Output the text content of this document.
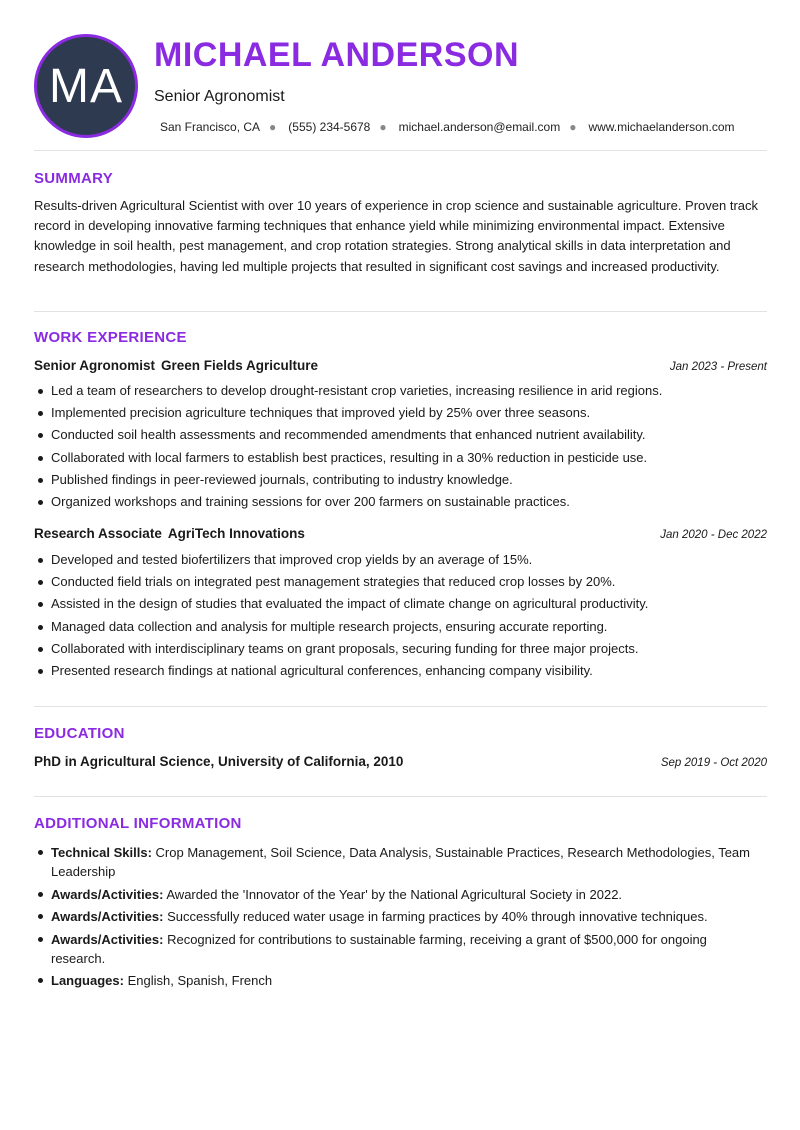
MA
MICHAEL ANDERSON
Senior Agronomist
San Francisco, CA ● (555) 234-5678 ● michael.anderson@email.com ● www.michaelanderson.com
SUMMARY

Results-driven Agricultural Scientist with over 10 years of experience in crop science and sustainable agriculture. Proven track record in developing innovative farming techniques that enhance yield while minimizing environmental impact. Extensive knowledge in soil health, pest management, and crop rotation strategies. Strong analytical skills in data interpretation and research methodologies, having led multiple projects that resulted in significant cost savings and increased productivity.

WORK EXPERIENCE
Senior Agronomist Green Fields Agriculture	Jan 2023 - Present
Led a team of researchers to develop drought-resistant crop varieties, increasing resilience in arid regions.
Implemented precision agriculture techniques that improved yield by 25% over three seasons.
Conducted soil health assessments and recommended amendments that enhanced nutrient availability.
Collaborated with local farmers to establish best practices, resulting in a 30% reduction in pesticide use.
Published findings in peer-reviewed journals, contributing to industry knowledge.
Organized workshops and training sessions for over 200 farmers on sustainable practices.
Research Associate AgriTech Innovations	Jan 2020 - Dec 2022
Developed and tested biofertilizers that improved crop yields by an average of 15%.
Conducted field trials on integrated pest management strategies that reduced crop losses by 20%.
Assisted in the design of studies that evaluated the impact of climate change on agricultural productivity.
Managed data collection and analysis for multiple research projects, ensuring accurate reporting.
Collaborated with interdisciplinary teams on grant proposals, securing funding for three major projects.
Presented research findings at national agricultural conferences, enhancing company visibility.
EDUCATION
PhD in Agricultural Science, University of California, 2010	Sep 2019 - Oct 2020
ADDITIONAL INFORMATION
Technical Skills: Crop Management, Soil Science, Data Analysis, Sustainable Practices, Research Methodologies, Team Leadership
Awards/Activities: Awarded the 'Innovator of the Year' by the National Agricultural Society in 2022.
Awards/Activities: Successfully reduced water usage in farming practices by 40% through innovative techniques.
Awards/Activities: Recognized for contributions to sustainable farming, receiving a grant of $500,000 for ongoing research.
Languages: English, Spanish, French
